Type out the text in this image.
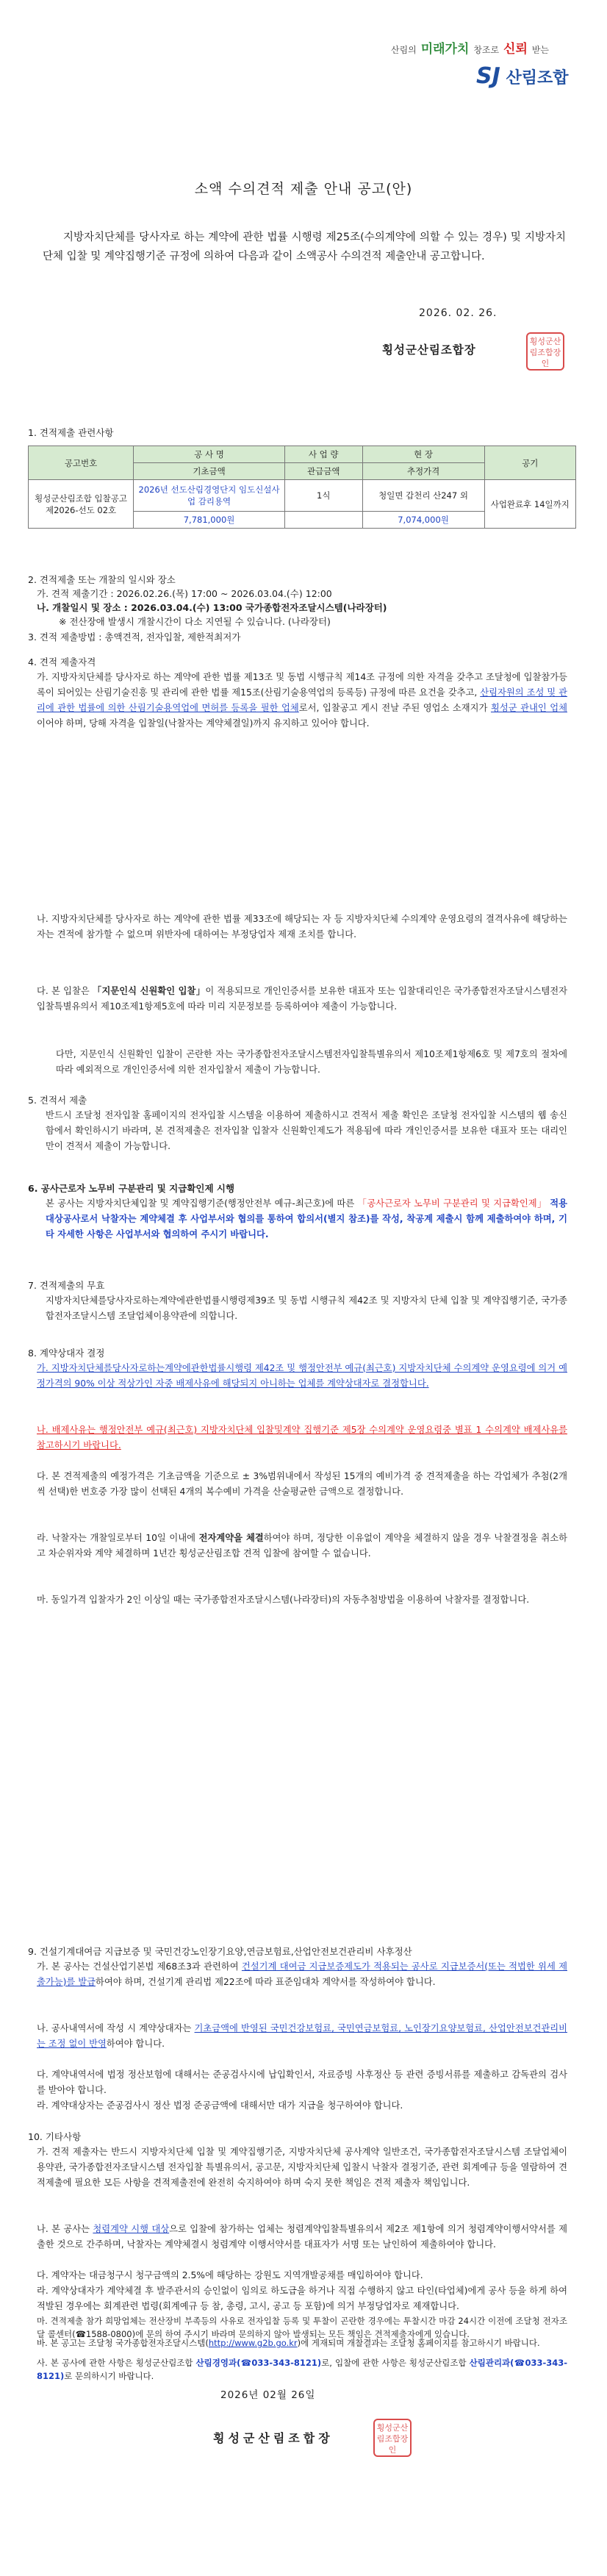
산림의 미래가치 창조로 신뢰 받는
SJ 산림조합
소액 수의견적 제출 안내 공고(안)
지방자치단체를 당사자로 하는 계약에 관한 법률 시행령 제25조(수의계약에 의할 수 있는 경우) 및 지방자치단체 입찰 및 계약집행기준 규정에 의하여 다음과 같이 소액공사 수의견적 제출안내 공고합니다.
2026. 02. 26.
횡성군산림조합장
횡성군산림조합장인
1. 견적제출 관련사항
공고번호	공 사 명	사 업 량	현 장	공기
	기초금액	관급금액	추정가격	
횡성군산림조합 입찰공고 제2026-선도 02호	2026년 선도산림경영단지 임도신설사업 감리용역	1식	청일면 갑천리 산247 외	사업완료후 14일까지
	7,781,000원		7,074,000원	
2. 견적제출 또는 개찰의 일시와 장소
가. 견적 제출기간 : 2026.02.26.(목) 17:00 ~ 2026.03.04.(수) 12:00
나. 개찰일시 및 장소 : 2026.03.04.(수) 13:00 국가종합전자조달시스템(나라장터)
※ 전산장애 발생시 개찰시간이 다소 지연될 수 있습니다. (나라장터)
3. 견적 제출방법 : 총액견적, 전자입찰, 제한적최저가
4. 견적 제출자격
가. 지방자치단체를 당사자로 하는 계약에 관한 법률 제13조 및 동법 시행규칙 제14조 규정에 의한 자격을 갖추고 조달청에 입찰참가등록이 되어있는 산림기술진흥 및 관리에 관한 법률 제15조(산림기술용역업의 등록등) 규정에 따른 요건을 갖추고, 산림자원의 조성 및 관리에 관한 법률에 의한 산림기술용역업에 면허를 등록을 필한 업체로서, 입찰공고 게시 전날 주된 영업소 소재지가 횡성군 관내인 업체이어야 하며, 당해 자격을 입찰일(낙찰자는 계약체결일)까지 유지하고 있어야 합니다.
나. 지방자치단체를 당사자로 하는 계약에 관한 법률 제33조에 해당되는 자 등 지방자치단체 수의계약 운영요령의 결격사유에 해당하는 자는 견적에 참가할 수 없으며 위반자에 대하여는 부정당업자 제재 조치를 합니다.
다. 본 입찰은 「지문인식 신원확인 입찰」이 적용되므로 개인인증서를 보유한 대표자 또는 입찰대리인은 국가종합전자조달시스템전자입찰특별유의서 제10조제1항제5호에 따라 미리 지문정보를 등록하여야 제출이 가능합니다.
다만, 지문인식 신원확인 입찰이 곤란한 자는 국가종합전자조달시스템전자입찰특별유의서 제10조제1항제6호 및 제7호의 절차에 따라 예외적으로 개인인증서에 의한 전자입찰서 제출이 가능합니다.
5. 견적서 제출
반드시 조달청 전자입찰 홈페이지의 전자입찰 시스템을 이용하여 제출하시고 견적서 제출 확인은 조달청 전자입찰 시스템의 웹 송신함에서 확인하시기 바라며, 본 견적제출은 전자입찰 입찰자 신원확인제도가 적용됨에 따라 개인인증서를 보유한 대표자 또는 대리인만이 견적서 제출이 가능합니다.
6. 공사근로자 노무비 구분관리 및 지급확인제 시행
본 공사는 지방자치단체입찰 및 계약집행기준(행정안전부 예규-최근호)에 따른 「공사근로자 노무비 구분관리 및 지급확인제」 적용 대상공사로서 낙찰자는 계약체결 후 사업부서와 협의를 통하여 합의서(별지 참조)를 작성, 착공계 제출시 함께 제출하여야 하며, 기타 자세한 사항은 사업부서와 협의하여 주시기 바랍니다.
7. 견적제출의 무효
지방자치단체를당사자로하는계약에관한법률시행령제39조 및 동법 시행규칙 제42조 및 지방자치 단체 입찰 및 계약집행기준, 국가종합전자조달시스템 조달업체이용약관에 의합니다.
8. 계약상대자 결정
가. 지방자치단체를당사자로하는계약에관한법률시행령 제42조 및 행정안전부 예규(최근호) 지방자치단체 수의계약 운영요령에 의거 예정가격의 90% 이상 적상가인 자중 배제사유에 해당되지 아니하는 업체를 계약상대자로 결정합니다.
나. 배제사유는 행정안전부 예규(최근호) 지방자치단체 입찰및계약 집행기준 제5장 수의계약 운영요령중 별표 1 수의계약 배제사유를 참고하시기 바랍니다.
다. 본 견적제출의 예정가격은 기초금액을 기준으로 ± 3%범위내에서 작성된 15개의 예비가격 중 견적제출을 하는 각업체가 추첨(2개씩 선택)한 번호중 가장 많이 선택된 4개의 복수예비 가격을 산술평균한 금액으로 결정합니다.
라. 낙찰자는 개찰일로부터 10일 이내에 전자계약을 체결하여야 하며, 정당한 이유없이 계약을 체결하지 않을 경우 낙찰결정을 취소하고 차순위자와 계약 체결하며 1년간 횡성군산림조합 견적 입찰에 참여할 수 없습니다.
마. 동일가격 입찰자가 2인 이상일 때는 국가종합전자조달시스템(나라장터)의 자동추첨방법을 이용하여 낙찰자를 결정합니다.
9. 건설기계대여금 지급보증 및 국민건강노인장기요양,연금보험료,산업안전보건관리비 사후정산
가. 본 공사는 건설산업기본법 제68조3과 관련하여 건설기계 대여금 지급보증제도가 적용되는 공사로 지급보증서(또는 적법한 위세 제출가능)를 발급하여야 하며, 건설기계 관리법 제22조에 따라 표준임대차 계약서를 작성하여야 합니다.
나. 공사내역서에 작성 시 계약상대자는 기초금액에 반영된 국민건강보험료, 국민연금보험료, 노인장기요양보험료, 산업안전보건관리비는 조정 없이 반영하여야 합니다.
다. 계약내역서에 법정 정산보험에 대해서는 준공검사시에 납입확인서, 자료증빙 사후정산 등 관련 증빙서류를 제출하고 감독관의 검사를 받아야 합니다.
라. 계약대상자는 준공검사시 정산 법정 준공금액에 대해서만 대가 지급을 청구하여야 합니다.
10. 기타사항
가. 견적 제출자는 반드시 지방자치단체 입찰 및 계약집행기준, 지방자치단체 공사계약 일반조건, 국가종합전자조달시스템 조달업체이용약관, 국가종합전자조달시스템 전자입찰 특별유의서, 공고문, 지방자치단체 입찰시 낙찰자 결정기준, 관련 회계예규 등을 열람하여 견적제출에 필요한 모든 사항을 견적제출전에 완전히 숙지하여야 하며 숙지 못한 책임은 견적 제출자 책임입니다.
나. 본 공사는 청렴계약 시행 대상으로 입찰에 참가하는 업체는 청렴계약입찰특별유의서 제2조 제1항에 의거 청렴계약이행서약서를 제출한 것으로 간주하며, 낙찰자는 계약체결시 청렴계약 이행서약서를 대표자가 서명 또는 날인하여 제출하여야 합니다.
다. 계약자는 대금청구시 청구금액의 2.5%에 해당하는 강원도 지역개발공채를 매입하여야 합니다.
라. 계약상대자가 계약체결 후 발주관서의 승인없이 임의로 하도급을 하거나 직접 수행하지 않고 타인(타업체)에게 공사 등을 하게 하여 적발된 경우에는 회계관련 법령(회계예규 등 참, 총령, 고시, 공고 등 포함)에 의거 부정당업자로 제재합니다.
마. 견적제출 참가 희망업체는 전산장비 부족등의 사유로 전자입찰 등록 및 투찰이 곤란한 경우에는 투찰시간 마감 24시간 이전에 조달청 전자조달 콜센터(☎1588-0800)에 문의 하여 주시기 바라며 문의하지 않아 발생되는 모든 책임은 견적제출자에게 있습니다.
바. 본 공고는 조달청 국가종합전자조달시스템(http://www.g2b.go.kr)에 게재되며 개찰결과는 조달청 홈페이지를 참고하시기 바랍니다.
사. 본 공사에 관한 사항은 횡성군산림조합 산림경영과(☎033-343-8121)로, 입찰에 관한 사항은 횡성군산림조합 산림관리과(☎033-343-8121)로 문의하시기 바랍니다.
2026년 02월 26일
횡성군산림조합장
횡성군산림조합장인
